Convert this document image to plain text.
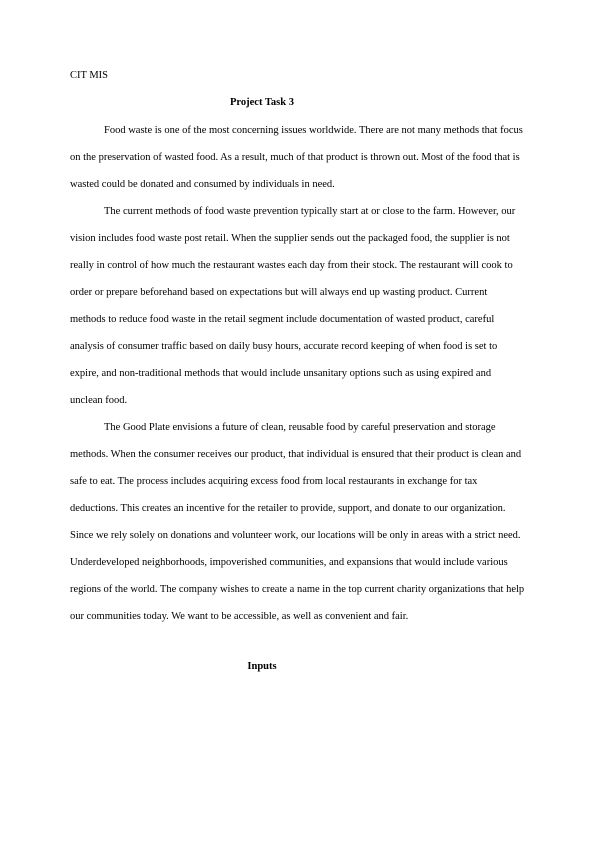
CIT MIS
Project Task 3

Food waste is one of the most concerning issues worldwide. There are not many methods that focus on the preservation of wasted food. As a result, much of that product is thrown out. Most of the food that is wasted could be donated and consumed by individuals in need.

The current methods of food waste prevention typically start at or close to the farm. However, our vision includes food waste post retail. When the supplier sends out the packaged food, the supplier is not really in control of how much the restaurant wastes each day from their stock. The restaurant will cook to order or prepare beforehand based on expectations but will always end up wasting product. Current methods to reduce food waste in the retail segment include documentation of wasted product, careful analysis of consumer traffic based on daily busy hours, accurate record keeping of when food is set to expire, and non-traditional methods that would include unsanitary options such as using expired and unclean food.

The Good Plate envisions a future of clean, reusable food by careful preservation and storage methods. When the consumer receives our product, that individual is ensured that their product is clean and safe to eat. The process includes acquiring excess food from local restaurants in exchange for tax deductions. This creates an incentive for the retailer to provide, support, and donate to our organization. Since we rely solely on donations and volunteer work, our locations will be only in areas with a strict need. Underdeveloped neighborhoods, impoverished communities, and expansions that would include various regions of the world. The company wishes to create a name in the top current charity organizations that help our communities today. We want to be accessible, as well as convenient and fair.

Inputs
